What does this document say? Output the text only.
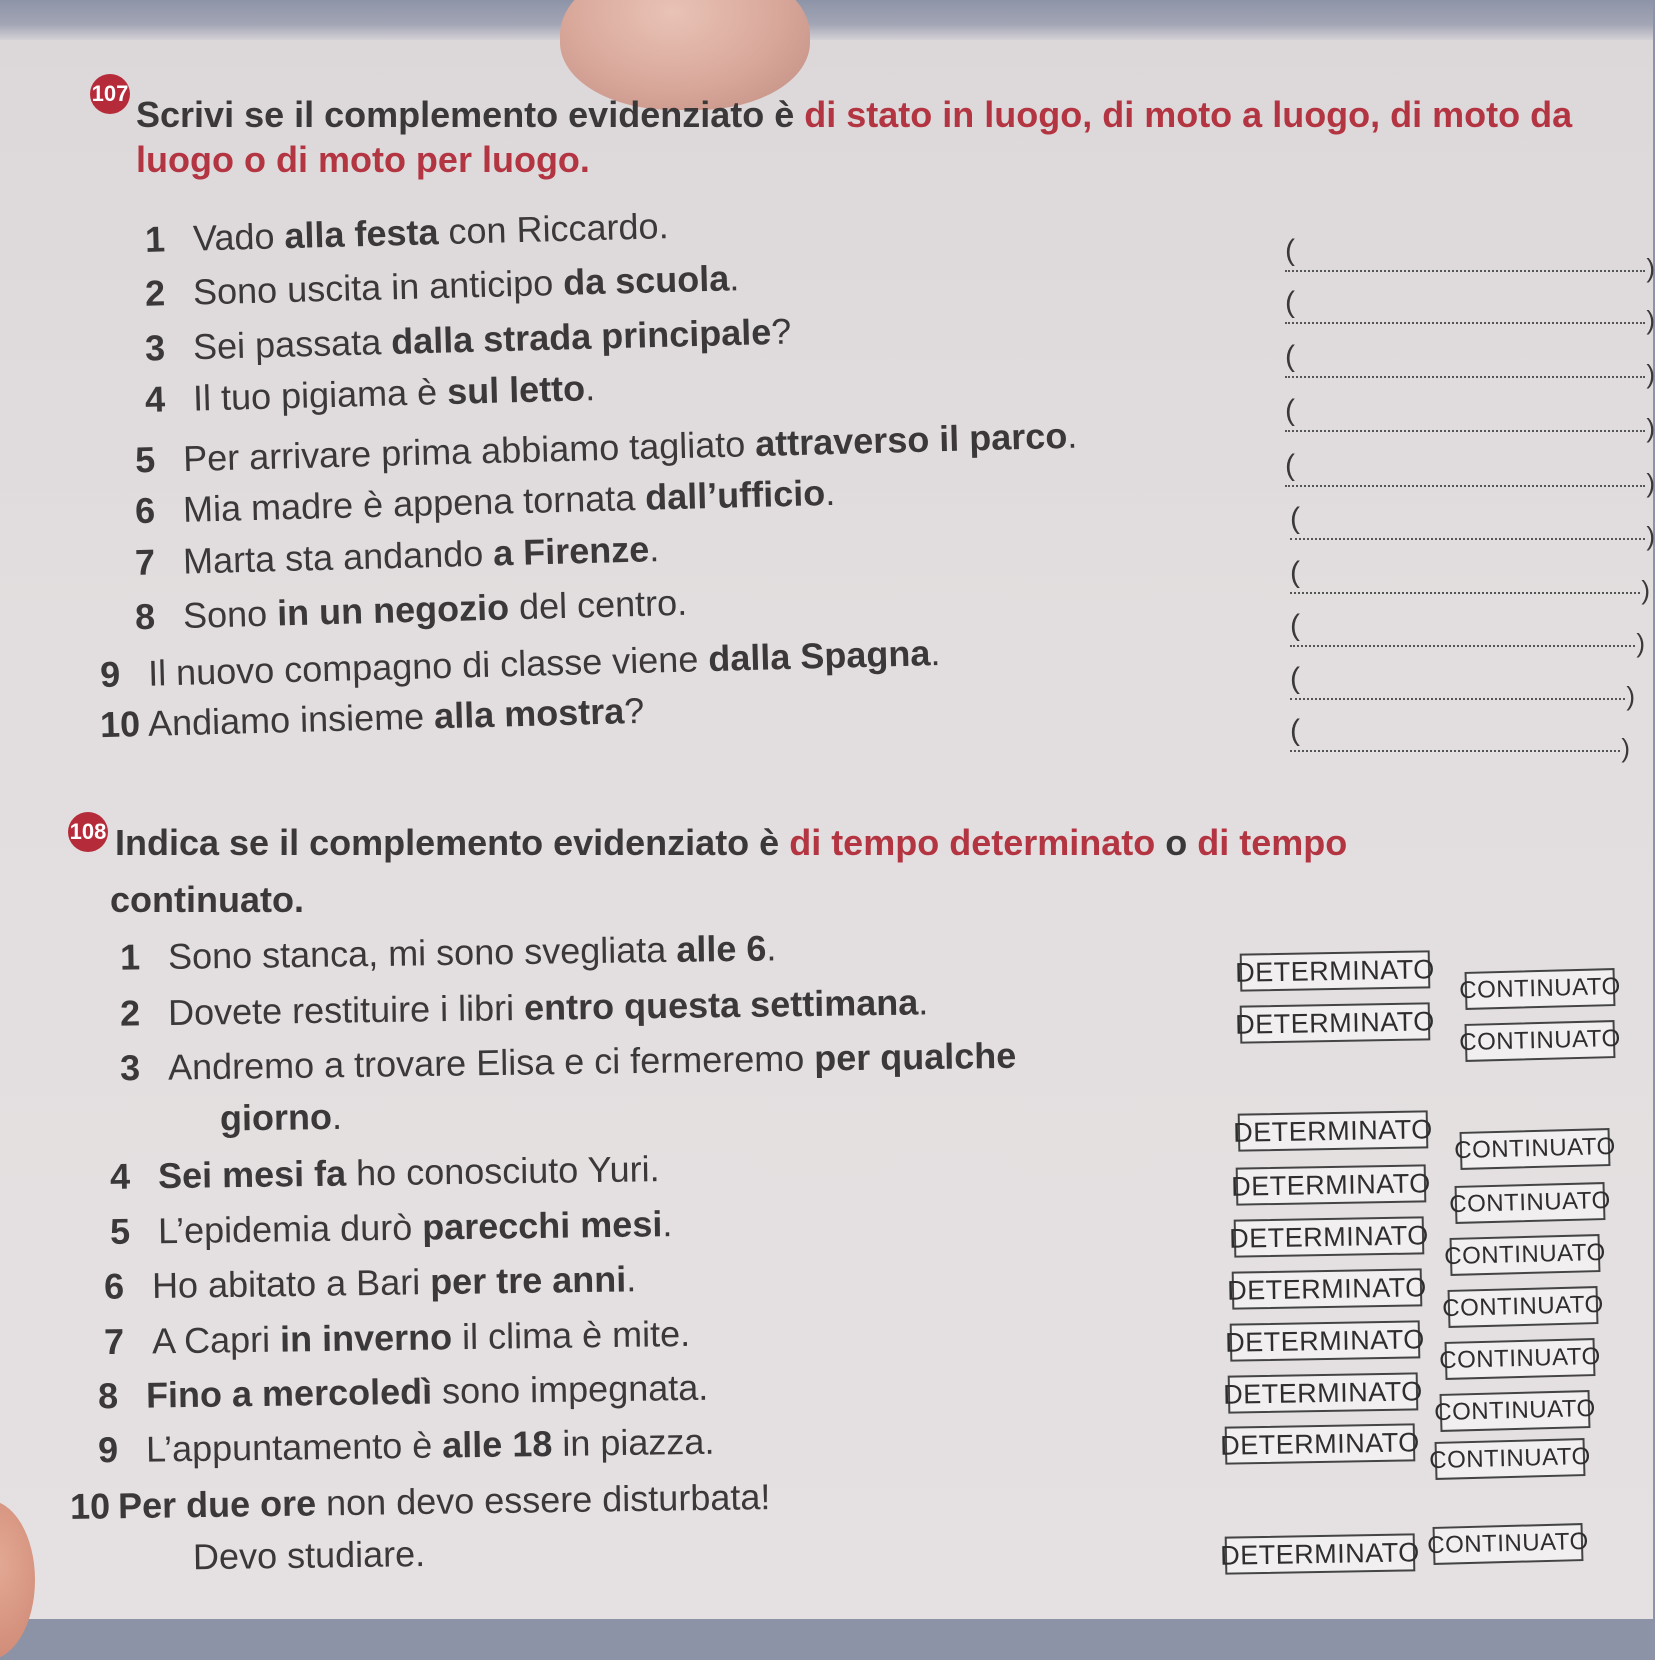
107
Scrivi se il complemento evidenziato è di stato in luogo, di moto a luogo, di moto da luogo o di moto per luogo.
1 Vado alla festa con Riccardo.	(
)
2 Sono uscita in anticipo da scuola.
(
)
3 Sei passata dalla strada principale?
(
)
4 Il tuo pigiama è sul letto.
(
)
5 Per arrivare prima abbiamo tagliato attraverso il parco.
(
)
6 Mia madre è appena tornata dall’ufficio.
(
)
7 Marta sta andando a Firenze.
(
)
8 Sono in un negozio del centro.	(
)
9 Il nuovo compagno di classe viene dalla Spagna.
(
)
10 Andiamo insieme alla mostra?	(
)
108 Indica se il complemento evidenziato è di tempo determinato o di tempo
continuato.
1 Sono stanca, mi sono svegliata alle 6.
DETERMINATO
CONTINUATO
2 Dovete restituire i libri entro questa settimana.
DETERMINATO
CONTINUATO
3 Andremo a trovare Elisa e ci fermeremo per qualche
giorno.	DETERMINATO
CONTINUATO
4 Sei mesi fa ho conosciuto Yuri.	DETERMINATO
CONTINUATO
5 L’epidemia durò parecchi mesi.	DETERMINATO
CONTINUATO
6 Ho abitato a Bari per tre anni.	DETERMINATO
CONTINUATO
7 A Capri in inverno il clima è mite.	DETERMINATO
CONTINUATO
8 Fino a mercoledì sono impegnata.	DETERMINATO
CONTINUATO
9 L’appuntamento è alle 18 in piazza.	DETERMINATO CONTINUATO
10 Per due ore non devo essere disturbata!
Devo studiare.	DETERMINATO CONTINUATO
